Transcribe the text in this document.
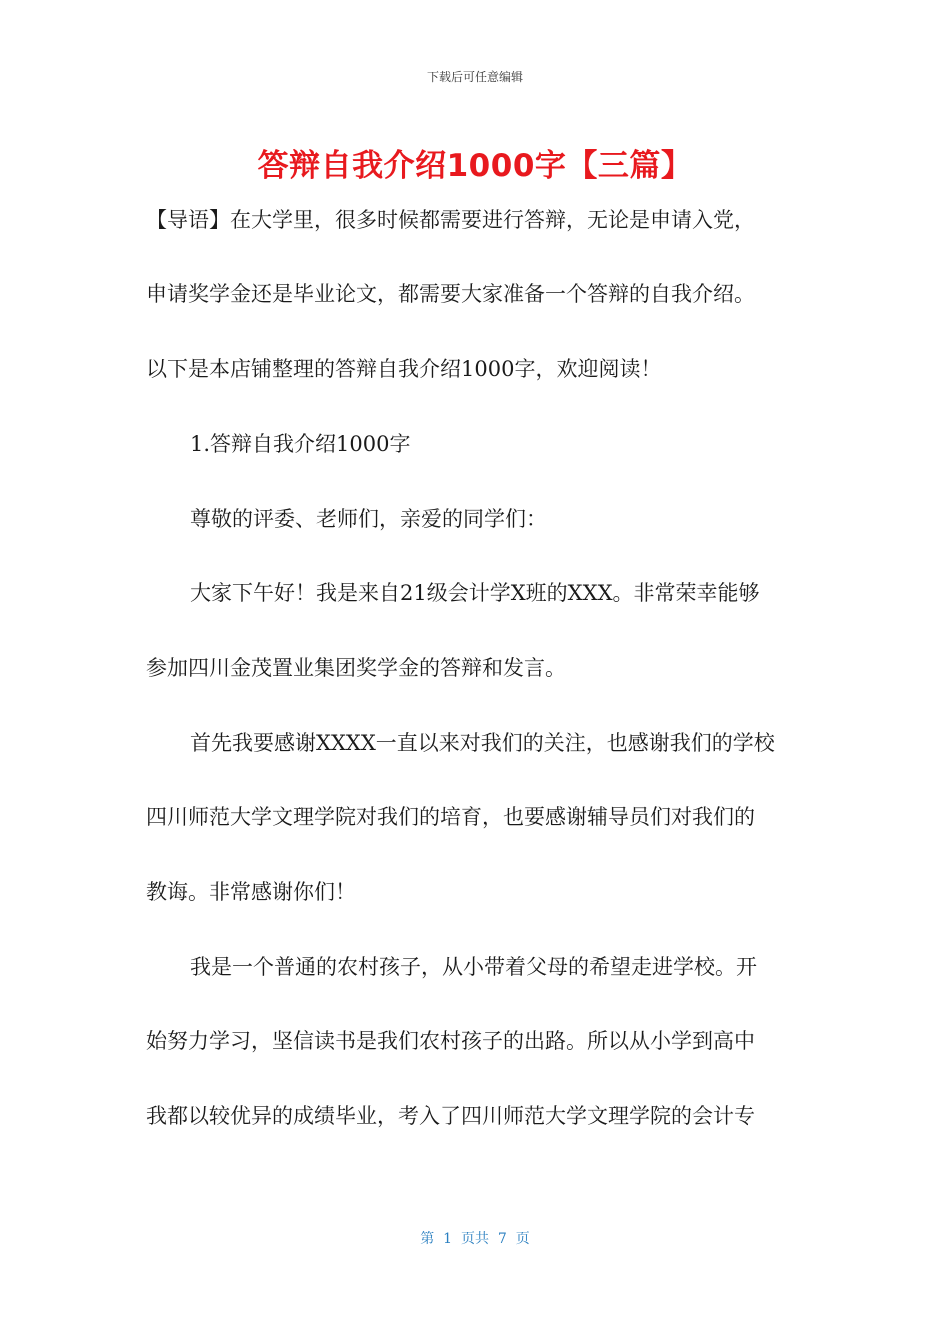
下载后可任意编辑
答辩自我介绍1000字【三篇】
【导语】在大学里，很多时候都需要进行答辩，无论是申请入党，
申请奖学金还是毕业论文，都需要大家准备一个答辩的自我介绍。
以下是本店铺整理的答辩自我介绍1000字，欢迎阅读！
1.答辩自我介绍1000字
尊敬的评委、老师们，亲爱的同学们：
大家下午好！我是来自21级会计学X班的XXX。非常荣幸能够
参加四川金茂置业集团奖学金的答辩和发言。
首先我要感谢XXXX一直以来对我们的关注，也感谢我们的学校
四川师范大学文理学院对我们的培育，也要感谢辅导员们对我们的
教诲。非常感谢你们！
我是一个普通的农村孩子，从小带着父母的希望走进学校。开
始努力学习，坚信读书是我们农村孩子的出路。所以从小学到高中
我都以较优异的成绩毕业，考入了四川师范大学文理学院的会计专
第  1  页共  7  页
